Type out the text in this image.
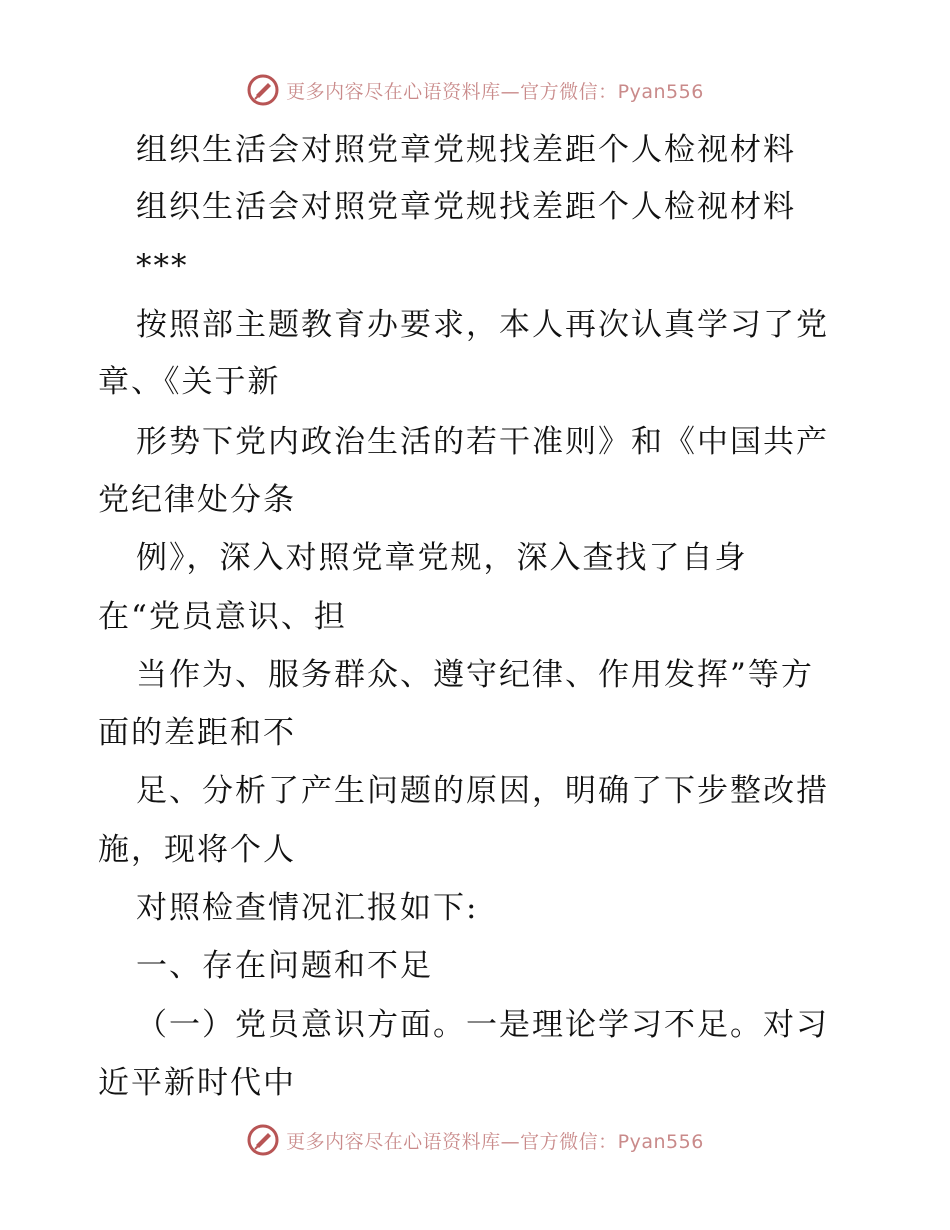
更多内容尽在心语资料库—官方微信：Pyan556
组织生活会对照党章党规找差距个人检视材料
组织生活会对照党章党规找差距个人检视材料
***
按照部主题教育办要求，本人再次认真学习了党
章、《关于新
形势下党内政治生活的若干准则》和《中国共产
党纪律处分条
例》，深入对照党章党规，深入查找了自身
在“党员意识、担
当作为、服务群众、遵守纪律、作用发挥”等方
面的差距和不
足、分析了产生问题的原因，明确了下步整改措
施，现将个人
对照检查情况汇报如下:
一、存在问题和不足
（一）党员意识方面。一是理论学习不足。对习
近平新时代中
更多内容尽在心语资料库—官方微信：Pyan556
